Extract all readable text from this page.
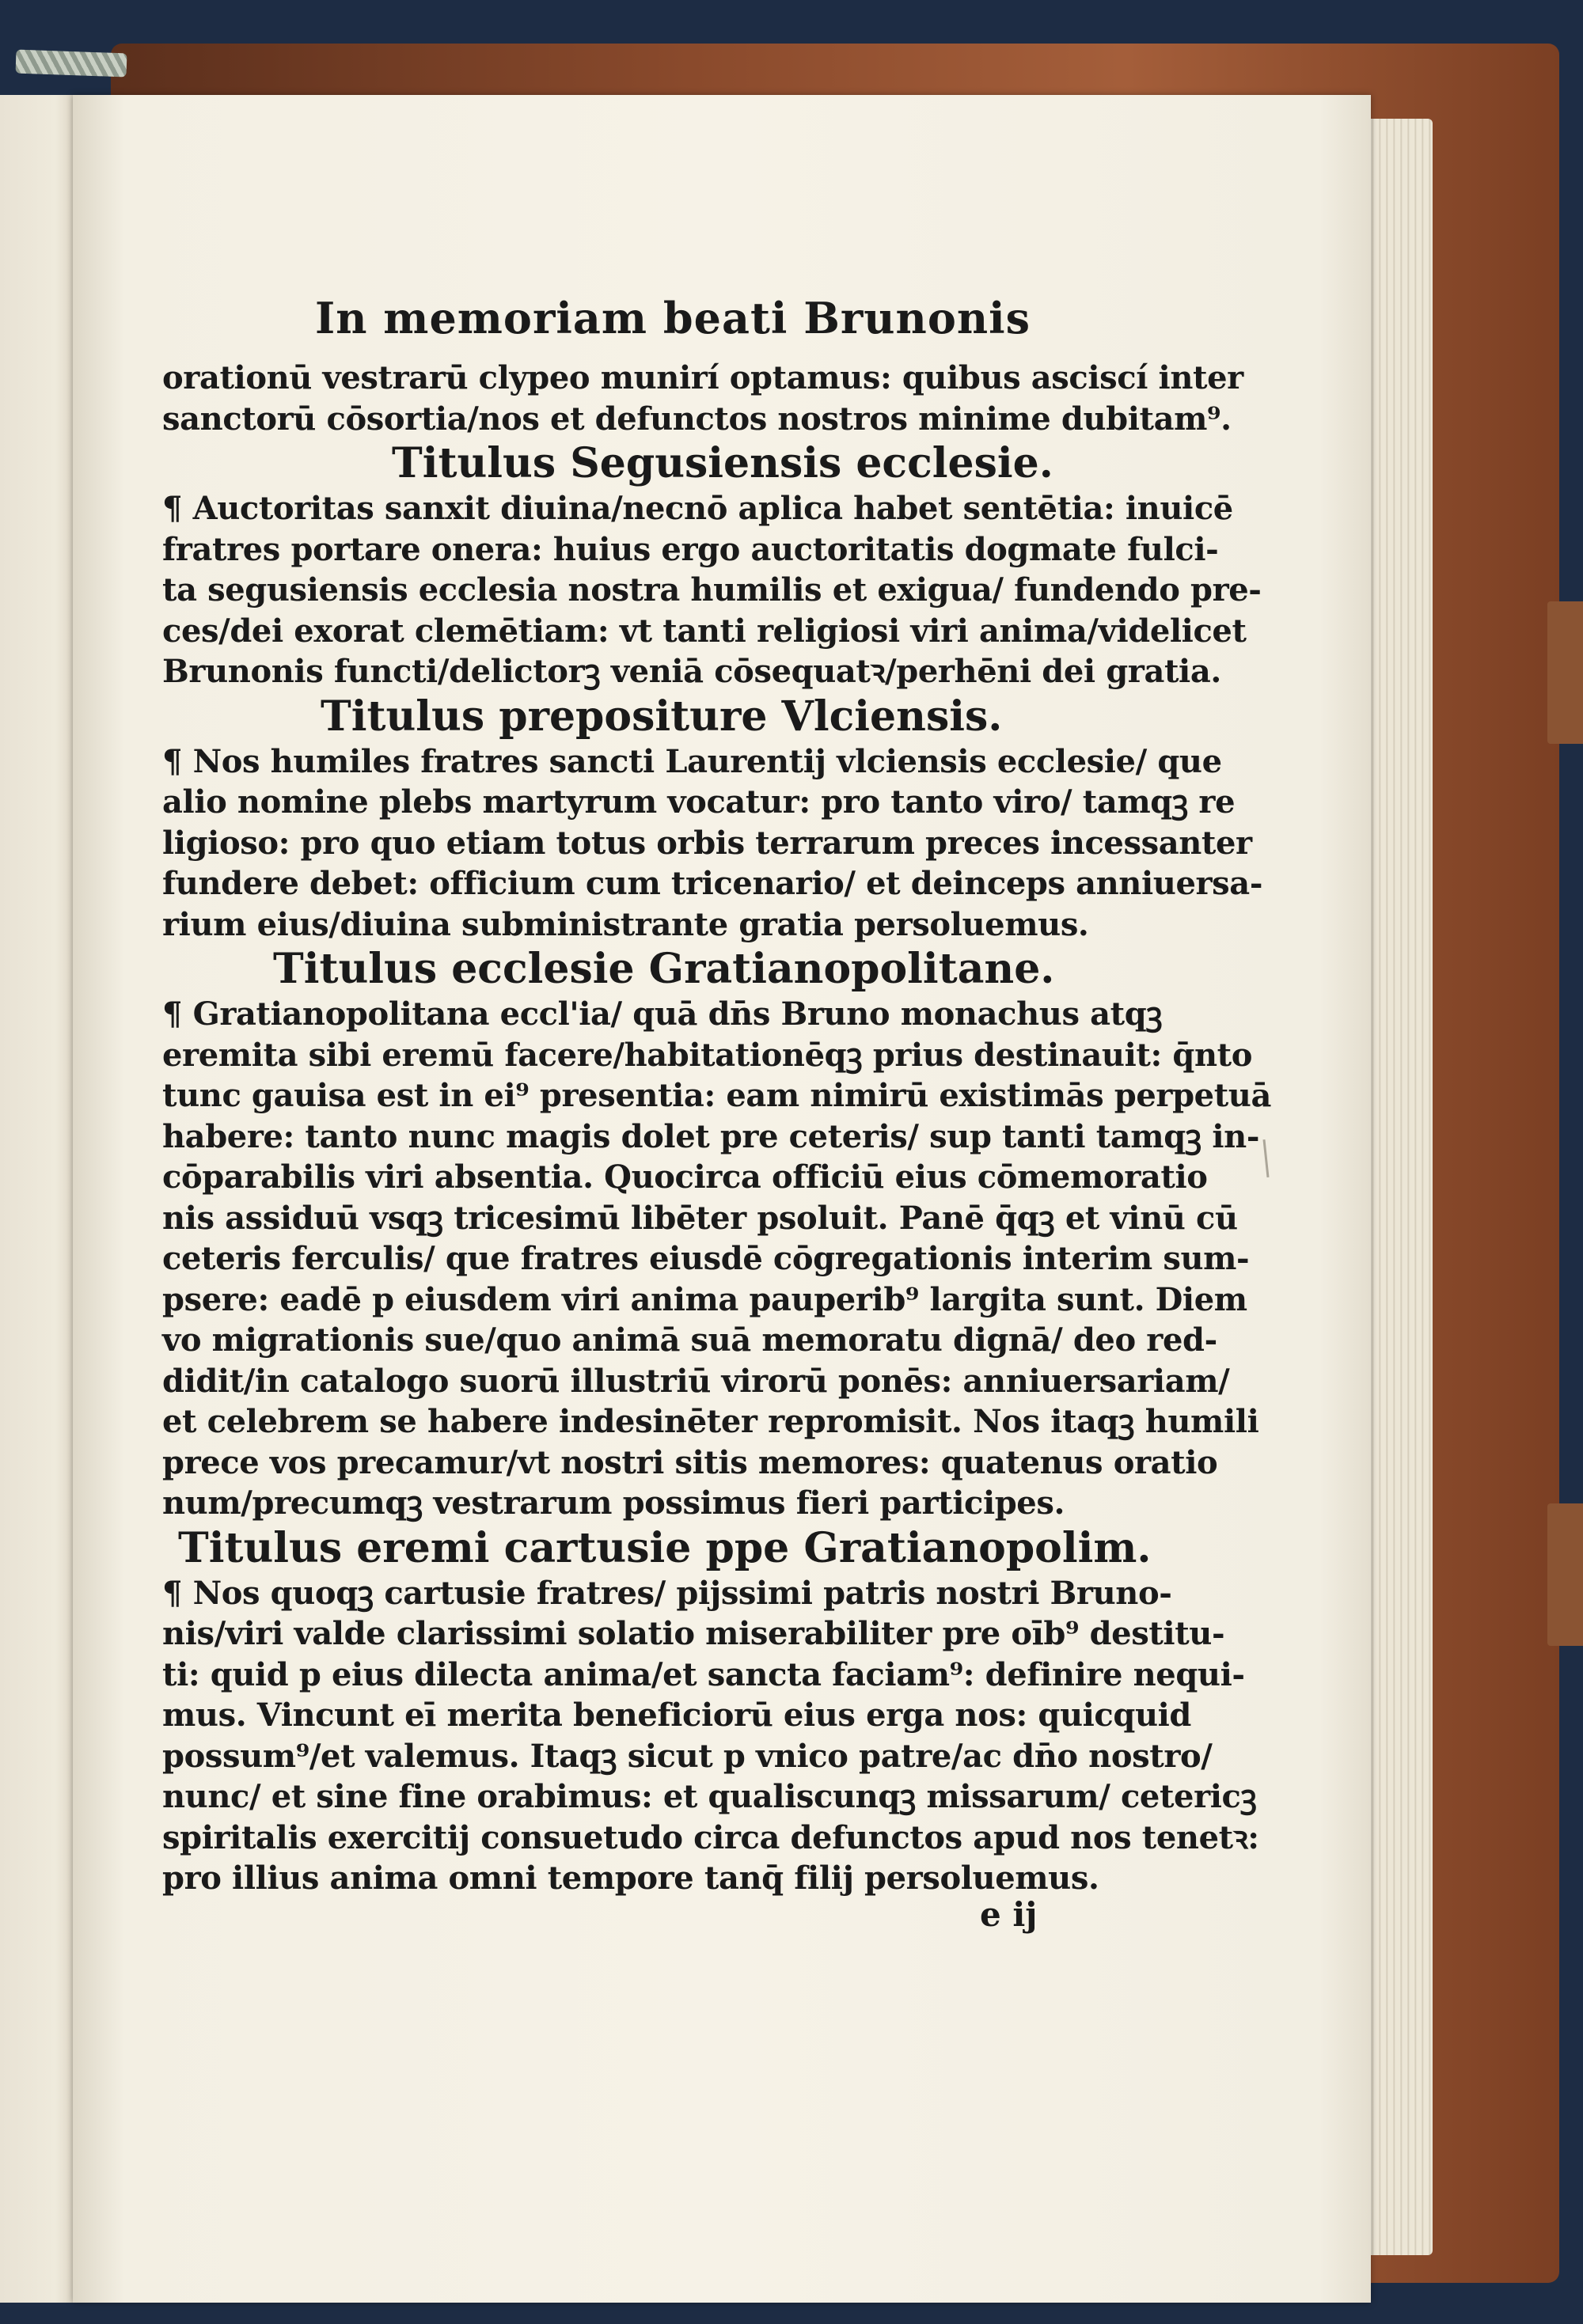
In memoriam beati Brunonis
orationū vestrarū clypeo munirí optamus: quibus asciscí inter
sanctorū cōsortia/nos et defunctos nostros minime dubitam⁹.
Titulus Segusiensis ecclesie.
¶ Auctoritas sanxit diuina/necnō aplica habet sentētia: inuicē
fratres portare onera: huius ergo auctoritatis dogmate fulci-
ta segusiensis ecclesia nostra humilis et exigua/ fundendo pre-
ces/dei exorat clemētiam: vt tanti religiosi viri anima/videlicet
Brunonis functi/delictorꝫ veniā cōsequatꝛ/perhēni dei gratia.
Titulus prepositure Vlciensis.
¶ Nos humiles fratres sancti Laurentij vlciensis ecclesie/ que
alio nomine plebs martyrum vocatur: pro tanto viro/ tamqꝫ re
ligioso: pro quo etiam totus orbis terrarum preces incessanter
fundere debet: officium cum tricenario/ et deinceps anniuersa-
rium eius/diuina subministrante gratia persoluemus.
Titulus ecclesie Gratianopolitane.
¶ Gratianopolitana eccl'ia/ quā dn̄s Bruno monachus atqꝫ
eremita sibi eremū facere/habitationēqꝫ prius destinauit: q̄nto
tunc gauisa est in ei⁹ presentia: eam nimirū existimās perpetuā
habere: tanto nunc magis dolet pre ceteris/ sup tanti tamqꝫ in-
cōparabilis viri absentia. Quocirca officiū eius cōmemoratio
nis assiduū vsqꝫ tricesimū libēter psoluit. Panē q̄qꝫ et vinū cū
ceteris ferculis/ que fratres eiusdē cōgregationis interim sum-
psere: eadē p eiusdem viri anima pauperib⁹ largita sunt. Diem
vo migrationis sue/quo animā suā memoratu dignā/ deo red-
didit/in catalogo suorū illustriū virorū ponēs: anniuersariam/
et celebrem se habere indesinēter repromisit. Nos itaqꝫ humili
prece vos precamur/vt nostri sitis memores: quatenus oratio
num/precumqꝫ vestrarum possimus fieri participes.
Titulus eremi cartusie ppe Gratianopolim.
¶ Nos quoqꝫ cartusie fratres/ pijssimi patris nostri Bruno-
nis/viri valde clarissimi solatio miserabiliter pre oīb⁹ destitu-
ti: quid p eius dilecta anima/et sancta faciam⁹: definire nequi-
mus. Vincunt eī merita beneficiorū eius erga nos: quicquid
possum⁹/et valemus. Itaqꝫ sicut p vnico patre/ac dn̄o nostro/
nunc/ et sine fine orabimus: et qualiscunqꝫ missarum/ cetericꝫ
spiritalis exercitij consuetudo circa defunctos apud nos tenetꝛ:
pro illius anima omni tempore tanq̄ filij persoluemus.
e ij
